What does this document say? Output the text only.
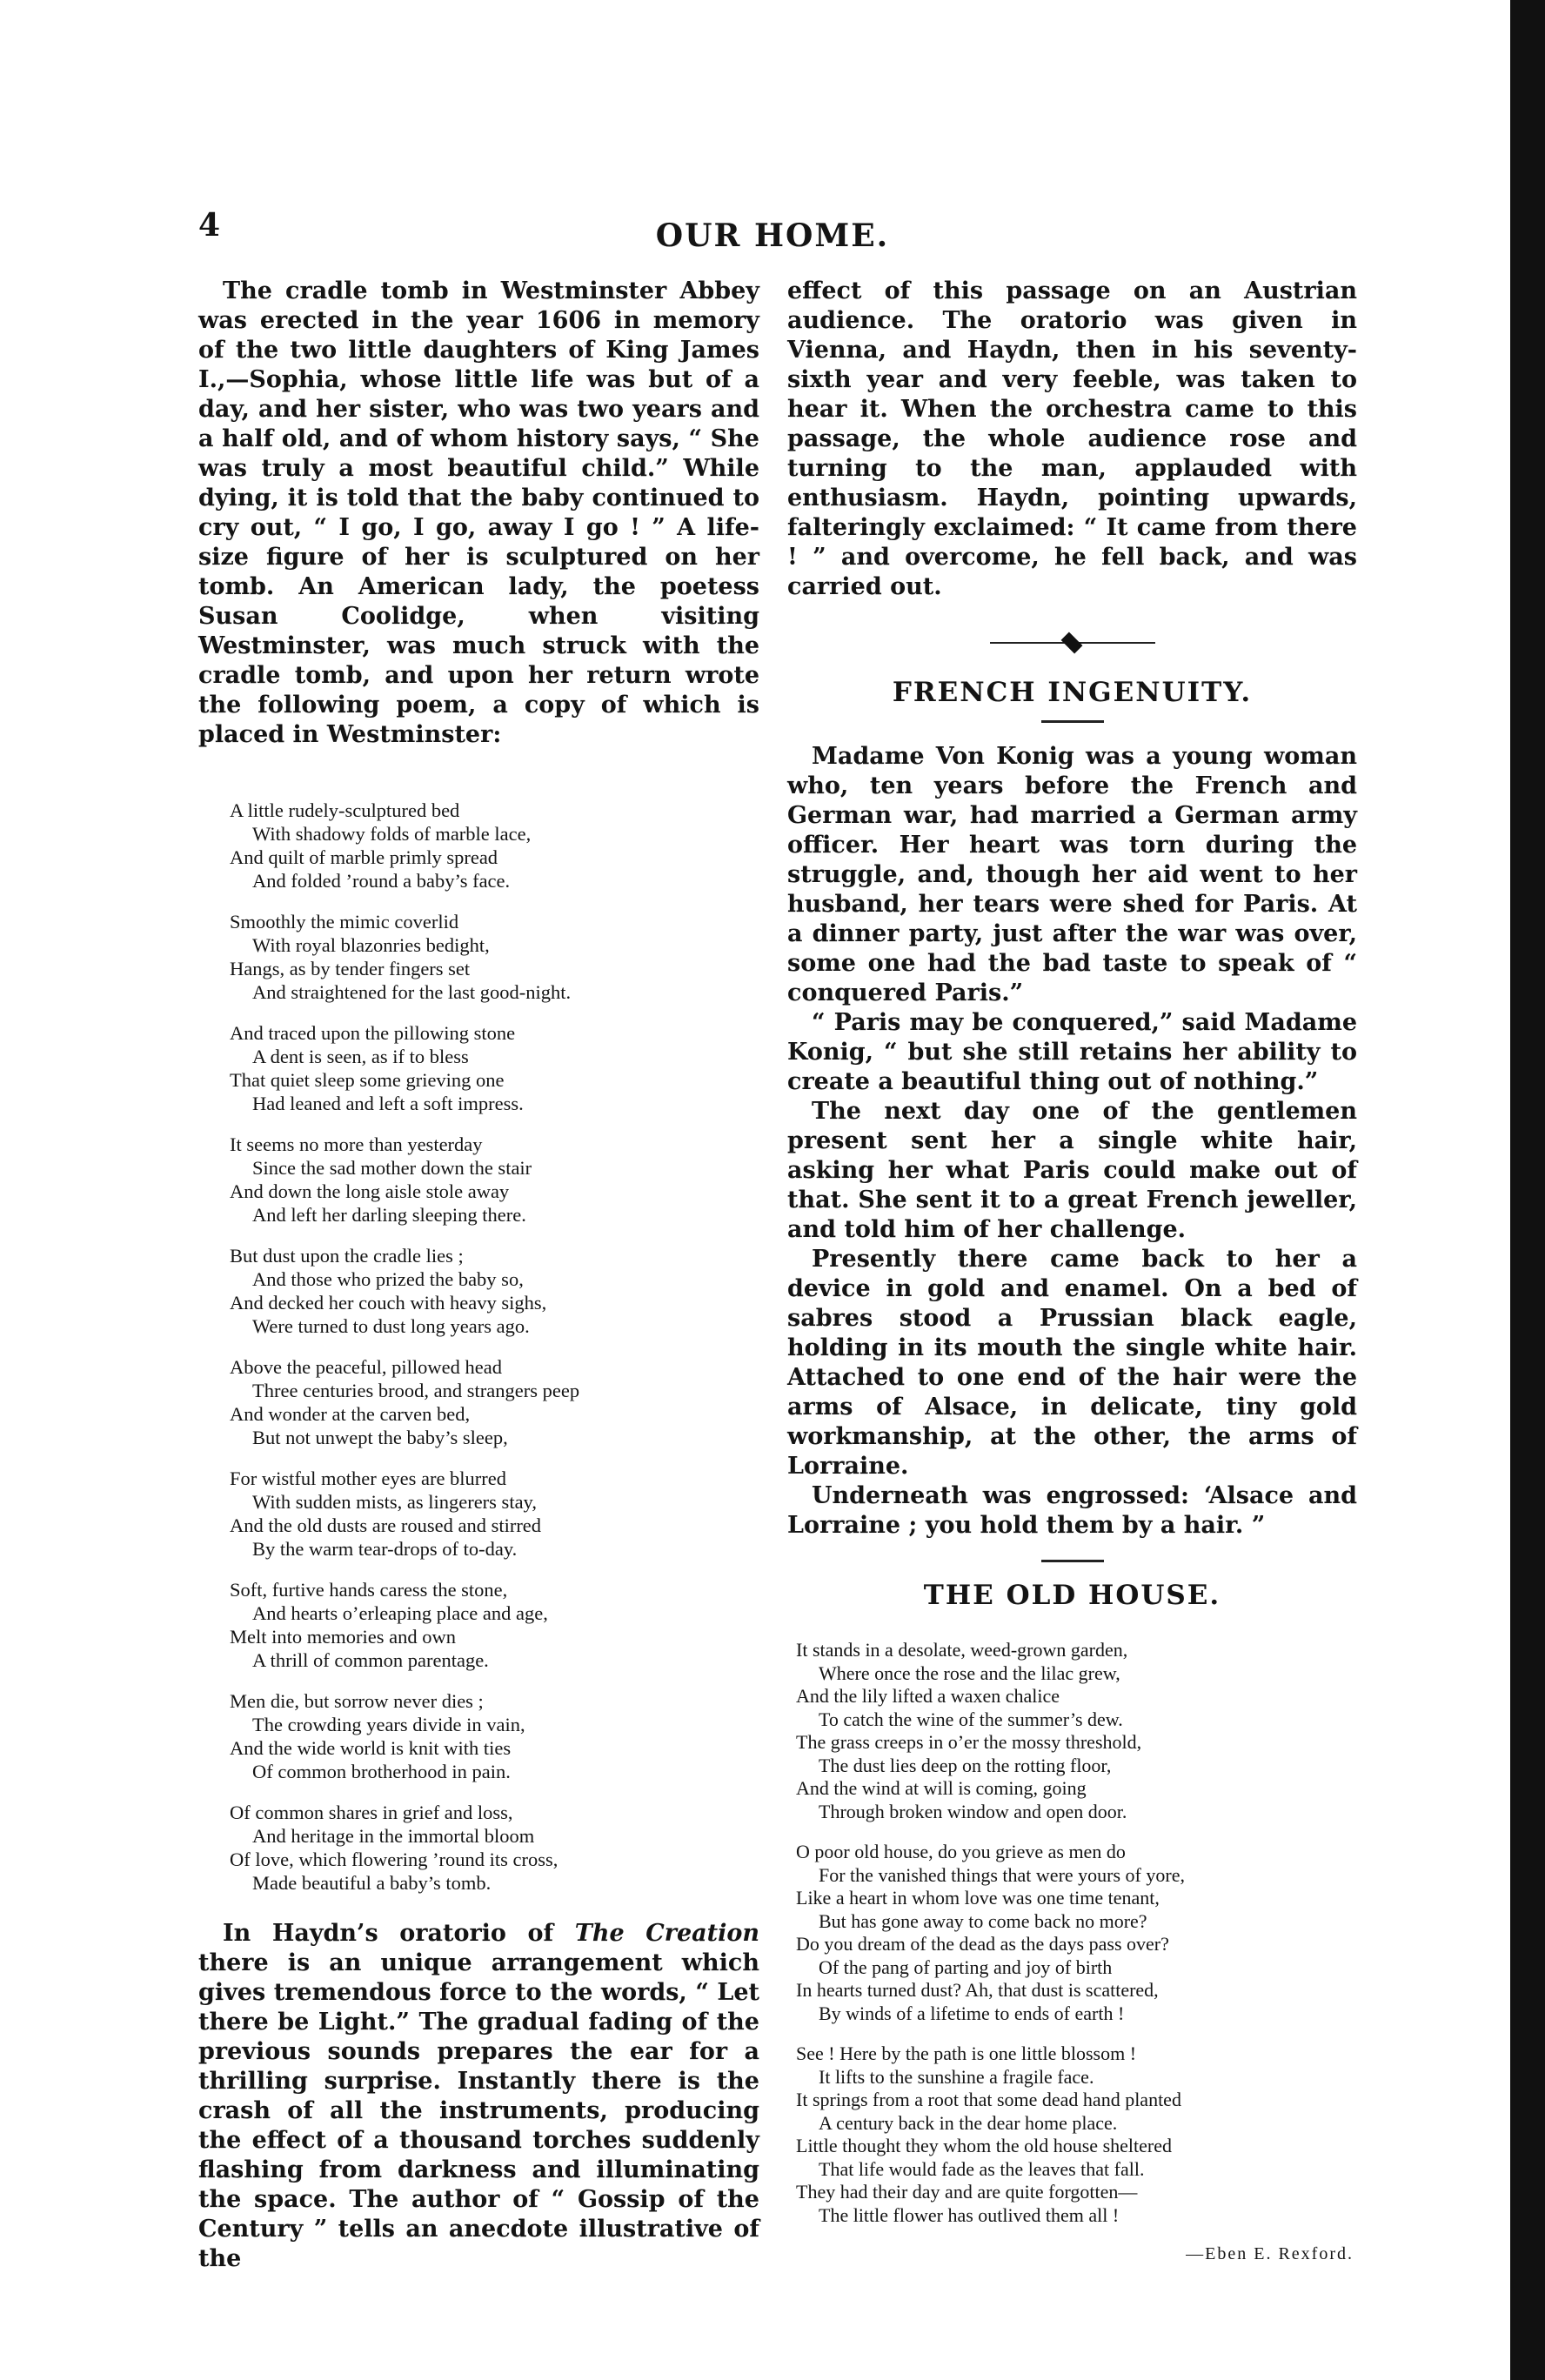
4	OUR HOME.

The cradle tomb in Westminster Abbey was erected in the year 1606 in memory of the two little daughters of King James I.,—Sophia, whose little life was but of a day, and her sister, who was two years and a half old, and of whom history says, “ She was truly a most beautiful child.” While dying, it is told that the baby continued to cry out, “ I go, I go, away I go ! ” A life-size figure of her is sculptured on her tomb. An American lady, the poetess Susan Coolidge, when visiting Westminster, was much struck with the cradle tomb, and upon her return wrote the following poem, a copy of which is placed in Westminster:

A little rudely-sculptured bed
With shadowy folds of marble lace,
And quilt of marble primly spread
And folded ’round a baby’s face.
Smoothly the mimic coverlid
With royal blazonries bedight,
Hangs, as by tender fingers set
And straightened for the last good-night.
And traced upon the pillowing stone
A dent is seen, as if to bless
That quiet sleep some grieving one
Had leaned and left a soft impress.
It seems no more than yesterday
Since the sad mother down the stair
And down the long aisle stole away
And left her darling sleeping there.
But dust upon the cradle lies ;
And those who prized the baby so,
And decked her couch with heavy sighs,
Were turned to dust long years ago.
Above the peaceful, pillowed head
Three centuries brood, and strangers peep
And wonder at the carven bed,
But not unwept the baby’s sleep,
For wistful mother eyes are blurred
With sudden mists, as lingerers stay,
And the old dusts are roused and stirred
By the warm tear-drops of to-day.
Soft, furtive hands caress the stone,
And hearts o’erleaping place and age,
Melt into memories and own
A thrill of common parentage.
Men die, but sorrow never dies ;
The crowding years divide in vain,
And the wide world is knit with ties
Of common brotherhood in pain.
Of common shares in grief and loss,
And heritage in the immortal bloom
Of love, which flowering ’round its cross,
Made beautiful a baby’s tomb.

In Haydn’s oratorio of The Creation there is an unique arrangement which gives tremendous force to the words, “ Let there be Light.” The gradual fading of the previous sounds prepares the ear for a thrilling surprise. Instantly there is the crash of all the instruments, producing the effect of a thousand torches suddenly flashing from darkness and illuminating the space. The author of “ Gossip of the Century ” tells an anecdote illustrative of the

effect of this passage on an Austrian audience. The oratorio was given in Vienna, and Haydn, then in his seventy-sixth year and very feeble, was taken to hear it. When the orchestra came to this passage, the whole audience rose and turning to the man, applauded with enthusiasm. Haydn, pointing upwards, falteringly exclaimed: “ It came from there ! ” and overcome, he fell back, and was carried out.

FRENCH INGENUITY.

Madame Von Konig was a young woman who, ten years before the French and German war, had married a German army officer. Her heart was torn during the struggle, and, though her aid went to her husband, her tears were shed for Paris. At a dinner party, just after the war was over, some one had the bad taste to speak of “ conquered Paris.”

“ Paris may be conquered,” said Madame Konig, “ but she still retains her ability to create a beautiful thing out of nothing.”

The next day one of the gentlemen present sent her a single white hair, asking her what Paris could make out of that. She sent it to a great French jeweller, and told him of her challenge.

Presently there came back to her a device in gold and enamel. On a bed of sabres stood a Prussian black eagle, holding in its mouth the single white hair. Attached to one end of the hair were the arms of Alsace, in delicate, tiny gold workmanship, at the other, the arms of Lorraine.

Underneath was engrossed: ‘Alsace and Lorraine ; you hold them by a hair. ”

THE OLD HOUSE.
It stands in a desolate, weed-grown garden,
Where once the rose and the lilac grew,
And the lily lifted a waxen chalice
To catch the wine of the summer’s dew.
The grass creeps in o’er the mossy threshold,
The dust lies deep on the rotting floor,
And the wind at will is coming, going
Through broken window and open door.
O poor old house, do you grieve as men do
For the vanished things that were yours of yore,
Like a heart in whom love was one time tenant,
But has gone away to come back no more?
Do you dream of the dead as the days pass over?
Of the pang of parting and joy of birth
In hearts turned dust? Ah, that dust is scattered,
By winds of a lifetime to ends of earth !
See ! Here by the path is one little blossom !
It lifts to the sunshine a fragile face.
It springs from a root that some dead hand planted
A century back in the dear home place.
Little thought they whom the old house sheltered
That life would fade as the leaves that fall.
They had their day and are quite forgotten—
The little flower has outlived them all !
—Eben E. Rexford.
